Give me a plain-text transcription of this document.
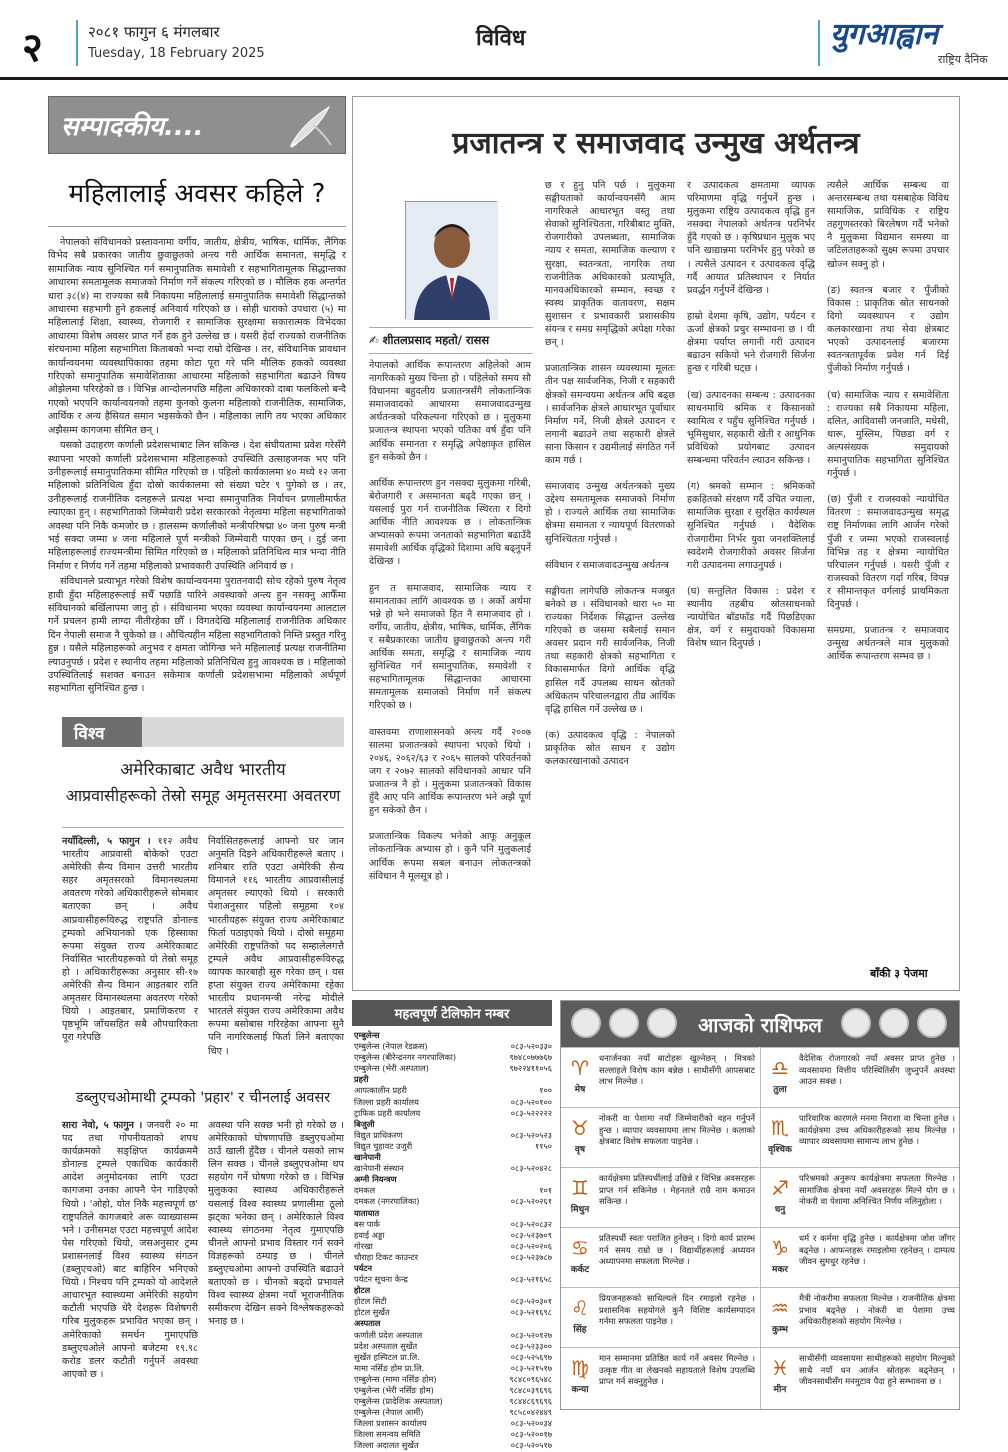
२	२०८१ फागुन ६ मंगलबार
Tuesday, 18 February 2025
विविध	युगआह्वान
राष्ट्रिय दैनिक
सम्पादकीय....
महिलालाई अवसर कहिले ?

नेपालको संविधानको प्रस्तावनामा वर्गीय, जातीय, क्षेत्रीय, भाषिक, धार्मिक, लैंगिक विभेद सबै प्रकारका जातीय छुवाछुतको अन्त्य गरी आर्थिक समानता, समृद्धि र सामाजिक न्याय सुनिश्चित गर्न समानुपातिक समावेशी र सहभागितामूलक सिद्धान्तका आधारमा समतामूलक समाजको निर्माण गर्ने संकल्प गरिएको छ । मौलिक हक अन्तर्गत धारा ३८(४) मा राज्यका सबै निकायमा महिलालाई समानुपातिक समावेशी सिद्धान्तको आधारमा सहभागी हुने हकलाई अनिवार्य गरिएको छ । सोही धाराको उपधारा (५) मा महिलालाई शिक्षा, स्वास्थ्य, रोजगारी र सामाजिक सुरक्षामा सकारात्मक विभेदका आधारमा विशेष अवसर प्राप्त गर्ने हक हुने उल्लेख छ । यसरी हेर्दा राज्यको राजनीतिक संरचनामा महिला सहभागिता किताबको भन्दा राम्रो देखिन्छ । तर, संविधानिक प्रावधान कार्यान्वयनमा व्यवस्थापिकाका तहमा कोटा पूरा गरे पनि मौलिक हकको व्यवस्था गरिएको समानुपातिक समावेशिताका आधारमा महिलाको सहभागिता बढाउने विषय ओझेलमा परिरहेको छ । विभिन्न आन्दोलनपछि महिला अधिकारको दाबा फलकिलो बन्दै गएको भएपनि कार्यान्वयनको तहमा कुनको कुलना महिलाको राजनीतिक, सामाजिक, आर्थिक र अन्य हैसियत समान भइसकेको छैन । महिलाका लागि तय भएका अधिकार अझैसम्म कागजमा सीमित छन् ।

यसको उदाहरण कर्णाली प्रदेशसभाबाट लिन सकिन्छ । देश संघीयतामा प्रवेश गरेसँगै स्थापना भएको कर्णाली प्रदेशसभामा महिलाहरूको उपस्थिति उत्साहजनक भए पनि उनीहरूलाई समानुपातिकमा सीमित गरिएको छ । पहिलो कार्यकालमा ४० मध्ये १२ जना महिलाको प्रतिनिधित्व हुँदा दोस्रो कार्यकालमा सो संख्या घटेर ९ पुगेको छ । तर, उनीहरूलाई राजनीतिक दलहरूले प्रत्यक्ष भन्दा समानुपातिक निर्वाचन प्रणालीमार्फत ल्याएका हुन् । सहभागिताको जिम्मेवारी प्रदेश सरकारको नेतृत्वमा महिला सहभागिताको अवस्था पनि निकै कमजोर छ । हालसम्म कर्णालीको मन्त्रीपरिषद्मा ४० जना पुरुष मन्त्री भई सक्दा जम्मा ४ जना महिलाले पूर्ण मन्त्रीको जिम्मेवारी पाएका छन् । दुई जना महिलाहरूलाई राज्यमन्त्रीमा सिमित गरिएको छ । महिलाको प्रतिनिधित्व मात्र भन्दा नीति निर्माण र निर्णय गर्ने तहमा महिलाको प्रभावकारी उपस्थिति अनिवार्य छ ।

संविधानले प्रत्याभूत गरेको विशेष कार्यान्वयनमा पुरातनवादी सोच रहेको पुरुष नेतृत्व हावी हुँदा महिलाहरूलाई सधैँ पछाडि पारिने अवस्थाको अन्त्य हुन नसक्नु आफैँमा संविधानको बर्खिलापमा जानु हो । संविधानमा भएका व्यवस्था कार्यान्वयनमा आलटाल गर्ने प्रचलन हामी लाग्दा नीतीरहेका छौँ । विगतदेखि महिलालाई राजनीतिक अधिकार दिन नेपाली समाज नै चुकेको छ । औचित्यहीन महिला सहभागिताको निम्ति प्रस्तुत गरिनु हुन्न । यसैले महिलाहरूको अनुभव र क्षमता जोगिन्छ भने महिलालाई प्रत्यक्ष राजनीतिमा ल्याउनुपर्छ । प्रदेश र स्थानीय तहमा महिलाको प्रतिनिधित्व हुनु आवश्यक छ । महिलाको उपस्थितिलाई सशक्त बनाउन सकेमात्र कर्णाली प्रदेशसभामा महिलाको अर्थपूर्ण सहभागिता सुनिश्चित हुन्छ ।

विश्व
अमेरिकाबाट अवैध भारतीय
आप्रवासीहरूको तेस्रो समूह अमृतसरमा अवतरण
नयाँदिल्ली, ५ फागुन । ११२ अवैध भारतीय आप्रवासी बोकेको एउटा अमेरिकी सैन्य विमान उत्तरी भारतीय सहर अमृतसरको विमानस्थलमा अवतरण गरेको अधिकारीहरूले सोमबार बताएका छन् । अवैध आप्रवासीहरूविरुद्ध राष्ट्रपति डोनाल्ड ट्रम्पको अभियानको एक हिस्साका रूपमा संयुक्त राज्य अमेरिकाबाट निर्वासित भारतीयहरूको यो तेस्रो समूह हो । अधिकारीहरूका अनुसार सी-१७ अमेरिकी सैन्य विमान आइतबार राति अमृतसर विमानस्थलमा अवतरण गरेको थियो । आइतबार, प्रमाणिकरण र पृष्ठभूमि जाँचसहित सबै औपचारिकता पूरा गरेपछि
निर्वासितहरूलाई आफ्नो घर जान अनुमति दिइने अधिकारीहरूले बताए । शनिबार राति एउटा अमेरिकी सैन्य विमानले ११६ भारतीय आप्रवासीलाई अमृतसर ल्याएको थियो । सरकारी पेशाअनुसार पहिलो समूहमा १०४ भारतीयहरू संयुक्त राज्य अमेरिकाबाट फिर्ता पठाइएको थियो । दोस्रो समूहमा अमेरिकी राष्ट्रपतिको पद सम्हालेलगत्तै ट्रम्पले अवैध आप्रवासीहरूविरुद्ध व्यापक कारबाही सुरु गरेका छन् । यस हप्ता संयुक्त राज्य अमेरिकामा रहेका भारतीय प्रधानमन्त्री नरेन्द्र मोदीले भारतले संयुक्त राज्य अमेरिकामा अवैध रूपमा बसोबास गरिरहेका आफ्ना सुनै पनि नागरिकलाई फिर्ता लिने बताएका थिए ।
डब्लुएचओमाथी ट्रम्पको 'प्रहार' र चीनलाई अवसर
सारा नेवो, ५ फागुन । जनवरी २० मा पद तथा गोपनीयताको शपथ कार्यक्रमको सङ्क्षिप्त कार्यक्रममै डोनाल्ड ट्रम्पले एकाधिक कार्यकारी आदेश अनुमोदनका लागि एउटा कागजमा उनका आफ्नै पेन गाडिएको थियो । 'ओहो, योत निकै महत्त्वपूर्ण छ' राष्ट्रपतिले कागजबारे अरू व्याख्यासम्म भने । उनीसमक्ष एउटा महत्त्वपूर्ण आदेश पेस गरिएको थियो, जसअनुसार ट्रम्प प्रशासनलाई विश्व स्वास्थ्य संगठन (डब्लुएचओ) बाट बाहिरिन भनिएको थियो । निश्चय पनि ट्रम्पको यो आदेशले आधारभूत स्वास्थ्यमा अमेरिकी सहयोग कटौती भएपछि धेरै देशहरू विशेषगरी गरिब मुलुकहरू प्रभावित भएका छन् । अमेरिकाको समर्थन गुमाएपछि डब्लुएचओले आफ्नो बजेटमा १९.९८ करोड डलर कटौती गर्नुपर्ने अवस्था आएको छ ।
अवस्था पनि सक्छ भनी हो गरेको छ । अमेरिकाको घोषणापछि डब्लुएचओमा ठाउँ खाली हुँदैछ । चीनले यसको लाभ लिन सक्छ । चीनले डब्लुएचओमा थप सहयोग गर्ने घोषणा गरेको छ । विभिन्न मुलुकका स्वास्थ्य अधिकारीहरूले यसलाई विश्व स्वास्थ्य प्रणालीमा ठूलो झट्का भनेका छन् । अमेरिकाले विश्व स्वास्थ्य संगठनमा नेतृत्व गुमाएपछि चीनले आफ्नो प्रभाव विस्तार गर्न सक्ने विज्ञहरूको ठम्याइ छ । चीनले डब्लुएचओमा आफ्नो उपस्थिति बढाउने बताएको छ । चीनको बढ्दो प्रभावले विश्व स्वास्थ्य क्षेत्रमा नयाँ भूराजनीतिक समीकरण देखिन सक्ने विश्लेषकहरूको भनाइ छ ।
प्रजातन्त्र र समाजवाद उन्मुख अर्थतन्त्र
✍ शीतलप्रसाद महतो/ रासस
नेपालको आर्थिक रूपान्तरण अहिलेको आम नागरिकको मुख्य चिन्ता हो । पहिलेको समय सौ विधानमा बहुदलीय प्रजातन्त्रसँगै लोकतान्त्रिक समाजवादको आधारमा समाजवादउन्मुख अर्थतन्त्रको परिकल्पना गरिएको छ । मुलुकमा प्रजातन्त्र स्थापना भएको यतिका वर्ष हुँदा पनि आर्थिक समानता र समृद्धि अपेक्षाकृत हासिल हुन सकेको छैन ।

आर्थिक रूपान्तरण हुन नसक्दा मुलुकमा गरिबी, बेरोजगारी र असमानता बढ्दै गएका छन् । यसलाई पुरा गर्न राजनीतिक स्थिरता र दिगो आर्थिक नीति आवश्यक छ । लोकतान्त्रिक अभ्यासको रूपमा जनताको सहभागिता बढाउँदै समावेशी आर्थिक वृद्धिको दिशामा अघि बढ्नुपर्ने देखिन्छ ।

हुन त समाजवाद, सामाजिक न्याय र समानताका लागि आवश्यक छ । अर्को अर्थमा भन्ने हो भने समाजको हित नै समाजवाद हो । वर्गीय, जातीय, क्षेत्रीय, भाषिक, धार्मिक, लैंगिक र सबैप्रकारका जातीय छुवाछुतको अन्त्य गरी आर्थिक समता, समृद्धि र सामाजिक न्याय सुनिश्चित गर्न समानुपातिक, समावेशी र सहभागितामूलक सिद्धान्तका आधारमा समतामूलक समाजको निर्माण गर्ने संकल्प गरिएको छ ।

वास्तवमा राणाशासनको अन्त्य गर्दै २००७ सालमा प्रजातन्त्रको स्थापना भएको थियो । २०४६, २०६२/६३ र २०६५ सालको परिवर्तनको जग र २०७२ सालको संविधानको आधार पनि प्रजातन्त्र नै हो । मुलुकमा प्रजातन्त्रको विकास हुँदै आए पनि आर्थिक रूपान्तरण भने अझै पूर्ण हुन सकेको छैन ।

प्रजातान्त्रिक विकल्प भनेको आफू अनुकूल लोकतान्त्रिक अभ्यास हो । कुनै पनि मुलुकलाई आर्थिक रूपमा सबल बनाउन लोकतन्त्रको संविधान नै मूलसूत्र हो ।
छ र हुनु पनि पर्छ । मुलुकमा सङ्घीयताको कार्यान्वयनसँगै आम नागरिकले आधारभूत वस्तु तथा सेवाको सुनिश्चितता, गरिबीबाट मुक्ति, रोजगारीको उपलब्धता, सामाजिक न्याय र समता, सामाजिक कल्याण र सुरक्षा, स्वतन्त्रता, नागरिक तथा राजनीतिक अधिकारको प्रत्याभूति, मानवअधिकारको सम्मान, स्वच्छ र स्वस्थ प्राकृतिक वातावरण, सक्षम सुशासन र प्रभावकारी प्रशासकीय संयन्त्र र समग्र समृद्धिको अपेक्षा गरेका छन् ।

प्रजातान्त्रिक शासन व्यवस्थामा मूलतः तीन पक्ष सार्वजनिक, निजी र सहकारी क्षेत्रको समन्वयमा अर्थतन्त्र अघि बढ्छ । सार्वजनिक क्षेत्रले आधारभूत पूर्वाधार निर्माण गर्ने, निजी क्षेत्रले उत्पादन र लगानी बढाउने तथा सहकारी क्षेत्रले साना किसान र उद्यमीलाई संगठित गर्ने काम गर्छ ।

समाजवाद उन्मुख अर्थतन्त्रको मुख्य उद्देश्य समतामूलक समाजको निर्माण हो । राज्यले आर्थिक तथा सामाजिक क्षेत्रमा समानता र न्यायपूर्ण वितरणको सुनिश्चितता गर्नुपर्छ ।

संविधान र समाजवादउन्मुख अर्थतन्त्र

सङ्घीयता लागेपछि लोकतन्त्र मजबुत बनेको छ । संविधानको धारा ५० मा राज्यका निर्देशक सिद्धान्त उल्लेख गरिएको छ जसमा सबैलाई समान अवसर प्रदान गरी सार्वजनिक, निजी तथा सहकारी क्षेत्रको सहभागिता र विकासमार्फत दिगो आर्थिक वृद्धि हासिल गर्दै उपलब्ध साधन स्रोतको अधिकतम परिचालनद्वारा तीव्र आर्थिक वृद्धि हासिल गर्ने उल्लेख छ ।

(क) उत्पादकत्व वृद्धि : नेपालको प्राकृतिक स्रोत साधन र उद्योग कलकारखानाको उत्पादन
र उत्पादकत्व क्षमतामा व्यापक परिमाणमा वृद्धि गर्नुपर्ने हुन्छ । मुलुकमा राष्ट्रिय उत्पादकत्व वृद्धि हुन नसक्दा नेपालको अर्थतन्त्र परनिर्भर हुँदै गएको छ । कृषिप्रधान मुलुक भए पनि खाद्यान्नमा परनिर्भर हुनु परेको छ । त्यसैले उत्पादन र उत्पादकत्व वृद्धि गर्दै आयात प्रतिस्थापन र निर्यात प्रवर्द्धन गर्नुपर्ने देखिन्छ ।

हाम्रो देशमा कृषि, उद्योग, पर्यटन र ऊर्जा क्षेत्रको प्रचुर सम्भावना छ । यी क्षेत्रमा पर्याप्त लगानी गरी उत्पादन बढाउन सकियो भने रोजगारी सिर्जना हुन्छ र गरिबी घट्छ ।

(ख) उत्पादनका सम्बन्ध : उत्पादनका साधनमाथि श्रमिक र किसानको स्वामित्व र पहुँच सुनिश्चित गर्नुपर्छ । भूमिसुधार, सहकारी खेती र आधुनिक प्रविधिको प्रयोगबाट उत्पादन सम्बन्धमा परिवर्तन ल्याउन सकिन्छ ।

(ग) श्रमको सम्मान : श्रमिकको हकहितको संरक्षण गर्दै उचित ज्याला, सामाजिक सुरक्षा र सुरक्षित कार्यस्थल सुनिश्चित गर्नुपर्छ । वैदेशिक रोजगारीमा निर्भर युवा जनशक्तिलाई स्वदेशमै रोजगारीको अवसर सिर्जना गरी उत्पादनमा लगाउनुपर्छ ।

(घ) सन्तुलित विकास : प्रदेश र स्थानीय तहबीच स्रोतसाधनको न्यायोचित बाँडफाँड गर्दै पिछडिएका क्षेत्र, वर्ग र समुदायको विकासमा विशेष ध्यान दिनुपर्छ ।
त्यसैले आर्थिक सम्बन्ध वा अन्तरसम्बन्ध तथा यसबाहेक विविध सामाजिक, प्राविधिक र राष्ट्रिय तहगुणस्तरको बिरलेषण गर्दै भनेको नै मुलुकमा विद्यमान समस्या वा जटिलताहरूको सुक्ष्म रूपमा उपचार खोज्न सक्नु हो ।

(ङ) स्वतन्त्र बजार र पुँजीको विकास : प्राकृतिक स्रोत साधनको दिगो व्यवस्थापन र उद्योग कलकारखाना तथा सेवा क्षेत्रबाट भएको उत्पादनलाई बजारमा स्वतन्त्रतापूर्वक प्रवेश गर्न दिई पुँजीको निर्माण गर्नुपर्छ ।

(च) सामाजिक न्याय र समावेशिता : राज्यका सबै निकायमा महिला, दलित, आदिवासी जनजाति, मधेसी, थारू, मुस्लिम, पिछडा वर्ग र अल्पसंख्यक समुदायको समानुपातिक सहभागिता सुनिश्चित गर्नुपर्छ ।

(छ) पुँजी र राजस्वको न्यायोचित वितरण : समाजवादउन्मुख समृद्ध राष्ट्र निर्माणका लागि आर्जन गरेको पुँजी र जम्मा भएको राजस्वलाई विभिन्न तह र क्षेत्रमा न्यायोचित परिचालन गर्नुपर्छ । यसरी पुँजी र राजस्वको वितरण गर्दा गरिब, विपन्न र सीमान्तकृत वर्गलाई प्राथमिकता दिनुपर्छ ।

समग्रमा, प्रजातन्त्र र समाजवाद उन्मुख अर्थतन्त्रले मात्र मुलुकको आर्थिक रूपान्तरण सम्भव छ ।
बाँकी ३ पेजमा
महत्वपूर्ण टेलिफोन नम्बर
एम्बुलेन्स
एम्बुलेन्स (नेपाल रेडक्रस)	०८३-५२०३३०
एम्बुलेन्स (बीरेन्द्रनगर नगरपालिका)	९७४८०७७७६७
एम्बुलेन्स (भेरी अस्पताल)	९७२२४११०५६
प्रहरी
आपत्कालीन प्रहरी	१००
जिल्ला प्रहरी कार्यालय	०८३-५२०१००
ट्राफिक प्रहरी कार्यालय	०८३-५२२२२२
बिजुली
विद्युत प्राधिकरण	०८३-५२०५२३
विद्युत चुहावट उजुरी	११५०
खानेपानी
खानेपानी संस्थान	०८३-५२०४२८
अग्नी नियन्त्रण
दमकल	१०१
दमकल (नगरपालिका)	०८३-५२०२६१
यातायात
बस पार्क	०८३-५२०८३२
हवाई अड्डा	०८३-५२३७०९
गोरखा	०८३-५२०२०६
चौराहा टिकट काउन्टर	०८३-५२३७८७
पर्यटन
पर्यटन सूचना केन्द्र	०८३-५२१६५८
होटल
होटल सिटी	०८३-५२०३०१
होटल सुर्खेत	०८३-५२१६९८
अस्पताल
कर्णाली प्रदेश अस्पताल	०८३-५२०१२७
प्रदेश अस्पताल सुर्खेत	०८३-५२३३००
सुर्खेत हस्पिटल प्रा.लि.	०८३-५२५६९७
मामा नर्सिङ होम प्रा.लि.	०८३-५२१५१७
एम्बुलेन्स (मामा नर्सिङ होम)	९८४८०९६५४८
एम्बुलेन्स (भेरी नर्सिङ होम)	९८४८०३९६९६
एम्बुलेन्स (प्रादेशिक अस्पताल)	९८४४८६९६९६
एम्बुलेन्स (नेपाल आर्मी)	९८५८०४२४४९
जिल्ला प्रशासन कार्यालय	०८३-५२००३४
जिल्ला समन्वय समिति	०८३-५२००१७
जिल्ला अदालत सुर्खेत	०८३-५२०५१७
आजको राशिफल
♈
मेष
धनार्जनका नयाँ बाटोहरू खुल्नेछन् । मित्रको सल्लाहले विशेष काम बन्नेछ । साथीसँगी आपसबाट लाभ मिल्नेछ ।
♎
तुला
वैदेशिक रोजगारको नयाँ अवसर प्राप्त हुनेछ । व्यवसायमा वित्तीय परिस्थितिसँग जुध्नुपर्ने अवस्था आउन सक्छ ।
♉
वृष
नोकरी वा पेशामा नयाँ जिम्मेवारीको वहन गर्नुपर्ने हुन्छ । व्यापार व्यवसायमा लाभ मिल्नेछ । कलाको क्षेत्रबाट विशेष सफलता पाइनेछ ।
♏
वृश्चिक
पारिवारिक कारणले मनमा निराशा वा चिन्ता हुनेछ । कार्यक्षेत्रमा उच्च अधिकारीहरूको साथ मिल्नेछ । व्यापार व्यवसायमा सामान्य लाभ हुनेछ ।
♊
मिथुन
कार्यक्षेत्रमा प्रतिस्पर्धीलाई उछिन्ने र विभिन्न अवसरहरू प्राप्त गर्न सकिनेछ । मेहनतले राम्रै नाम कमाउन सकिन्छ ।
♐
धनु
परिश्रमको अनुरूप कार्यक्षेत्रमा सफलता मिल्नेछ । सामाजिक क्षेत्रमा नयाँ अवसरहरू मिल्ने योग छ । नोकरी वा पेशामा अनिश्चित निर्णय नलिनुहोला ।
♋
कर्कट
प्रतिस्पर्धी स्वतः पराजित हुनेछन् । दिगो कार्य प्रारम्भ गर्न समय राम्रो छ । विद्यार्थीहरूलाई अध्ययन अध्यापनमा सफलता मिल्नेछ ।
♑
मकर
धर्म र कर्ममा वृद्धि हुनेछ । कार्यक्षेत्रमा जोश जाँगर बढ्नेछ । आफन्तहरू रमाइलोमा रहनेछन् । दाम्पत्य जीवन सुमधुर रहनेछ ।
♌
सिंह
प्रियजनहरूको साथिल्यले दिन रमाइलो रहनेछ । प्रशासनिक सहयोगले कुनै विशिष्ट कार्यसम्पादन गर्नमा सफलता पाइनेछ ।
♒
कुम्भ
मैत्री नोकरीमा सफलता मिल्नेछ । राजनीतिक क्षेत्रमा प्रभाव बढ्नेछ । नोकरी वा पेशामा उच्च अधिकारीहरूको सहयोग मिल्नेछ ।
♍
कन्या
मान सम्मानमा प्रतिष्ठित कार्य गर्ने अवसर मिल्नेछ । उत्कृष्ट गीत वा लेखनको सहायताले विशेष उपलब्धि प्राप्त गर्न सक्नुहुनेछ ।
♓
मीन
साथीसँगी व्यवसायमा साथीहरूको सहयोग मिल्नुको साथै नयाँ धन आर्जन स्रोतहरू बढ्नेछन् । जीवनसाथीसँग मनमुटाव पैदा हुने सम्भावना छ ।
